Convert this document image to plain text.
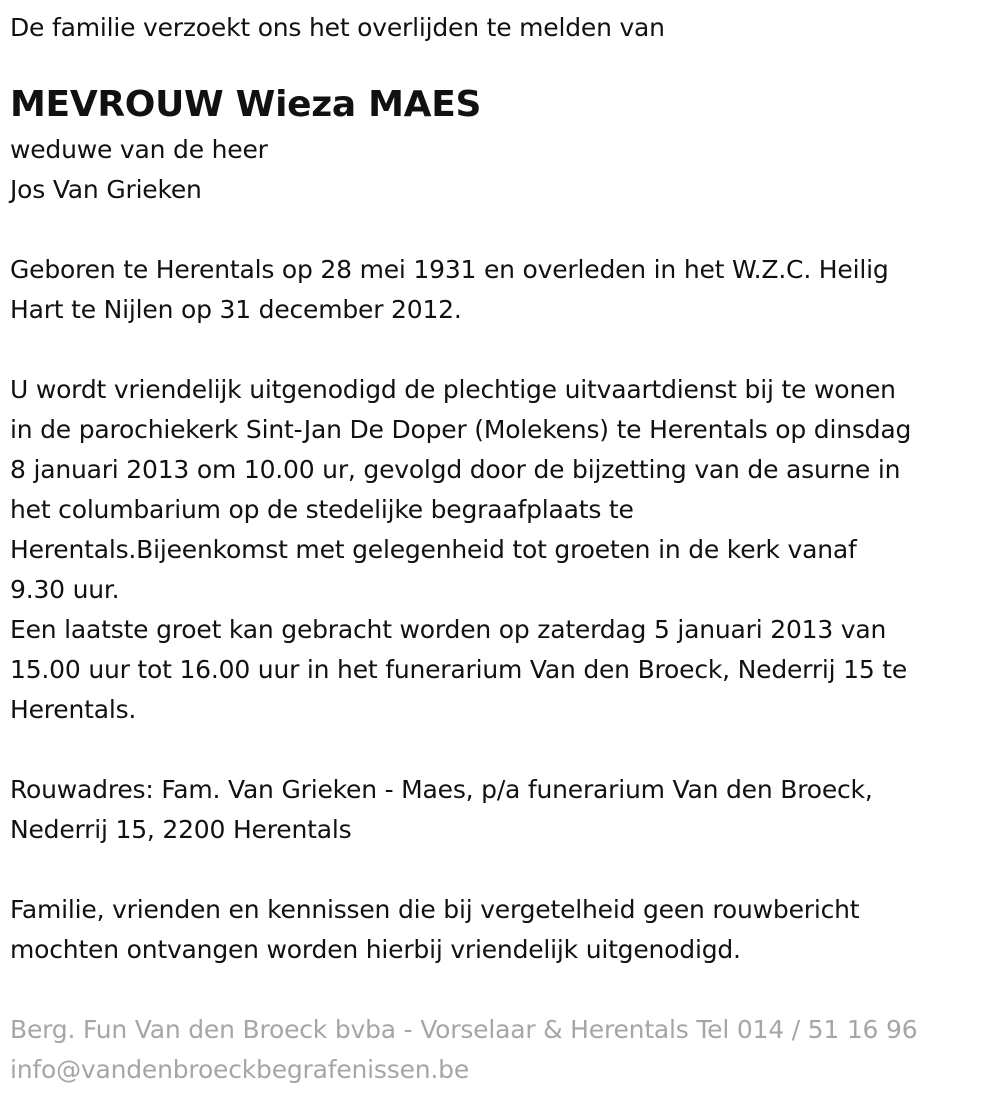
De familie verzoekt ons het overlijden te melden van
MEVROUW Wieza MAES
weduwe van de heer
Jos Van Grieken
Geboren te Herentals op 28 mei 1931 en overleden in het W.Z.C. Heilig
Hart te Nijlen op 31 december 2012.
U wordt vriendelijk uitgenodigd de plechtige uitvaartdienst bij te wonen
in de parochiekerk Sint-Jan De Doper (Molekens) te Herentals op dinsdag
8 januari 2013 om 10.00 ur, gevolgd door de bijzetting van de asurne in
het columbarium op de stedelijke begraafplaats te
Herentals.Bijeenkomst met gelegenheid tot groeten in de kerk vanaf
9.30 uur.
Een laatste groet kan gebracht worden op zaterdag 5 januari 2013 van
15.00 uur tot 16.00 uur in het funerarium Van den Broeck, Nederrij 15 te
Herentals.
Rouwadres: Fam. Van Grieken - Maes, p/a funerarium Van den Broeck,
Nederrij 15, 2200 Herentals
Familie, vrienden en kennissen die bij vergetelheid geen rouwbericht
mochten ontvangen worden hierbij vriendelijk uitgenodigd.
Berg. Fun Van den Broeck bvba - Vorselaar & Herentals Tel 014 / 51 16 96
info@vandenbroeckbegrafenissen.be
